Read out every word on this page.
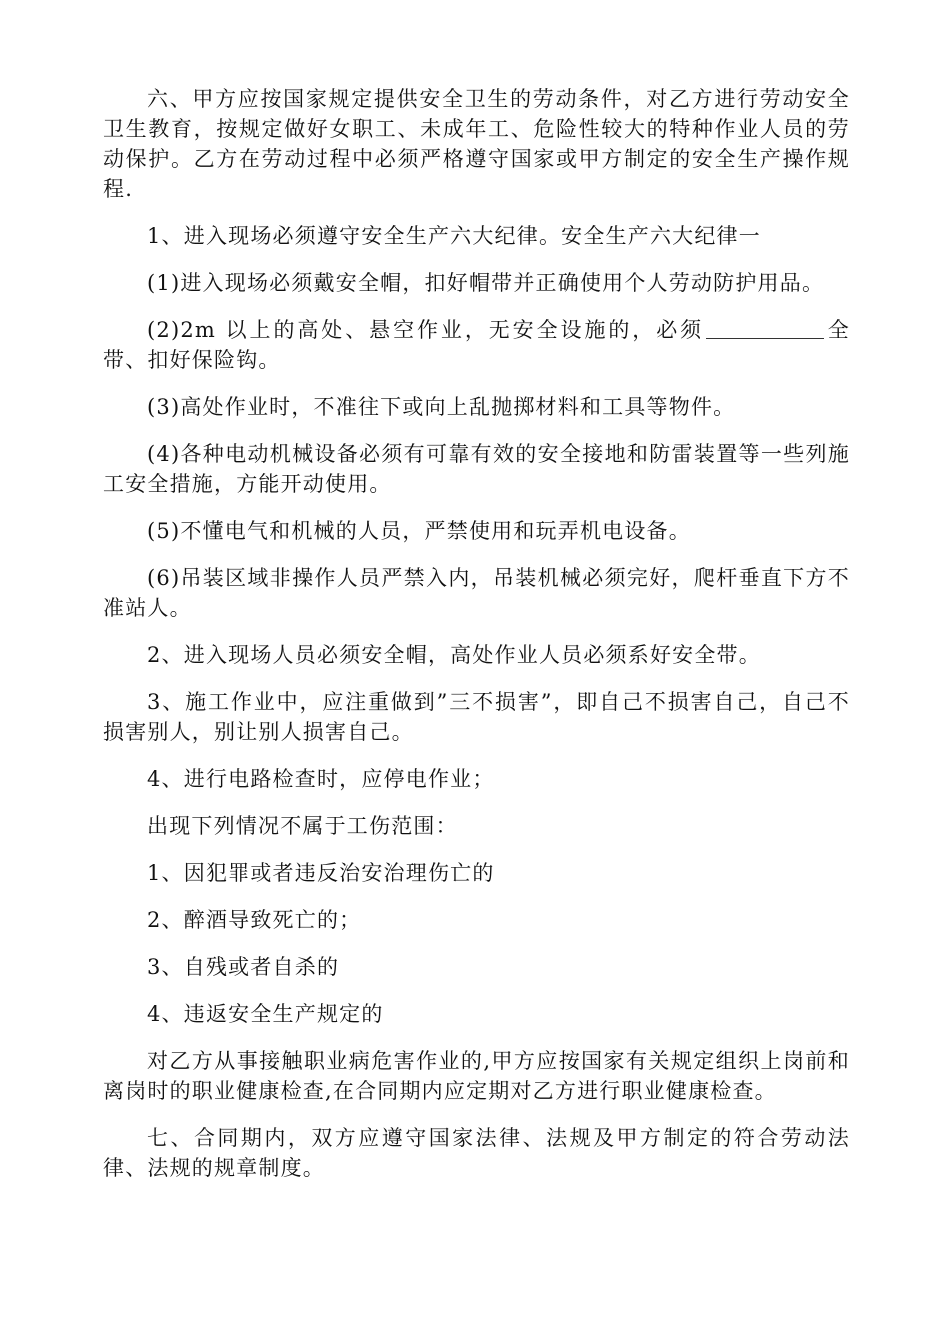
六、甲方应按国家规定提供安全卫生的劳动条件，对乙方进行劳动安全卫生教育，按规定做好女职工、未成年工、危险性较大的特种作业人员的劳动保护。乙方在劳动过程中必须严格遵守国家或甲方制定的安全生产操作规程.

1、进入现场必须遵守安全生产六大纪律。安全生产六大纪律一

(1)进入现场必须戴安全帽，扣好帽带并正确使用个人劳动防护用品。

(2)2m 以上的高处、悬空作业，无安全设施的，必须	全带、扣好保险钩。

(3)高处作业时，不准往下或向上乱抛掷材料和工具等物件。

(4)各种电动机械设备必须有可靠有效的安全接地和防雷装置等一些列施工安全措施，方能开动使用。

(5)不懂电气和机械的人员，严禁使用和玩弄机电设备。

(6)吊装区域非操作人员严禁入内，吊装机械必须完好，爬杆垂直下方不准站人。

2、进入现场人员必须安全帽，高处作业人员必须系好安全带。

3、施工作业中，应注重做到”三不损害”，即自己不损害自己，自己不损害别人，别让别人损害自己。

4、进行电路检查时，应停电作业；

出现下列情况不属于工伤范围：

1、因犯罪或者违反治安治理伤亡的

2、醉酒导致死亡的；

3、自残或者自杀的

4、违返安全生产规定的

对乙方从事接触职业病危害作业的,甲方应按国家有关规定组织上岗前和离岗时的职业健康检查,在合同期内应定期对乙方进行职业健康检查。

七、合同期内，双方应遵守国家法律、法规及甲方制定的符合劳动法律、法规的规章制度。
